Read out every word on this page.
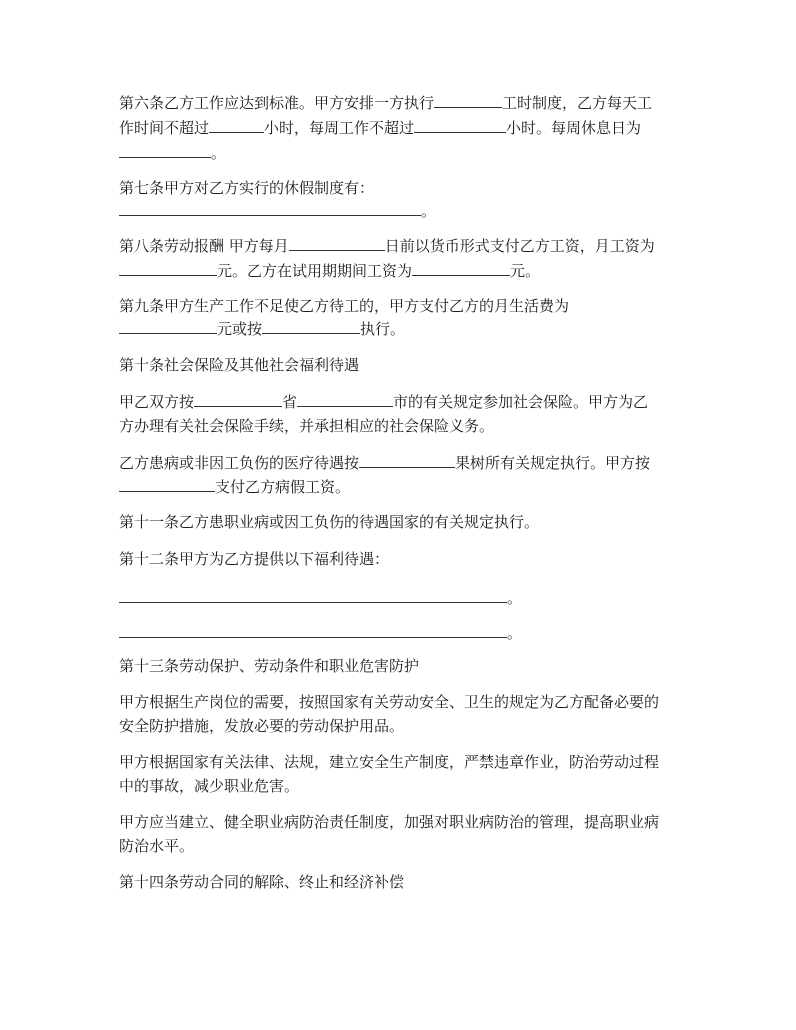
第六条乙方工作应达到标准。甲方安排一方执行	工时制度，乙方每天工
作时间不超过	小时，每周工作不超过	小时。每周休息日为
。
第七条甲方对乙方实行的休假制度有：
。
第八条劳动报酬 甲方每月	日前以货币形式支付乙方工资，月工资为
元。乙方在试用期期间工资为	元。
第九条甲方生产工作不足使乙方待工的，甲方支付乙方的月生活费为
元或按	执行。
第十条社会保险及其他社会福利待遇
甲乙双方按	省	市的有关规定参加社会保险。甲方为乙
方办理有关社会保险手续，并承担相应的社会保险义务。
乙方患病或非因工负伤的医疗待遇按	果树所有关规定执行。甲方按
支付乙方病假工资。
第十一条乙方患职业病或因工负伤的待遇国家的有关规定执行。
第十二条甲方为乙方提供以下福利待遇：
。
。
第十三条劳动保护、劳动条件和职业危害防护
甲方根据生产岗位的需要，按照国家有关劳动安全、卫生的规定为乙方配备必要的
安全防护措施，发放必要的劳动保护用品。
甲方根据国家有关法律、法规，建立安全生产制度，严禁违章作业，防治劳动过程
中的事故，减少职业危害。
甲方应当建立、健全职业病防治责任制度，加强对职业病防治的管理，提高职业病
防治水平。
第十四条劳动合同的解除、终止和经济补偿
